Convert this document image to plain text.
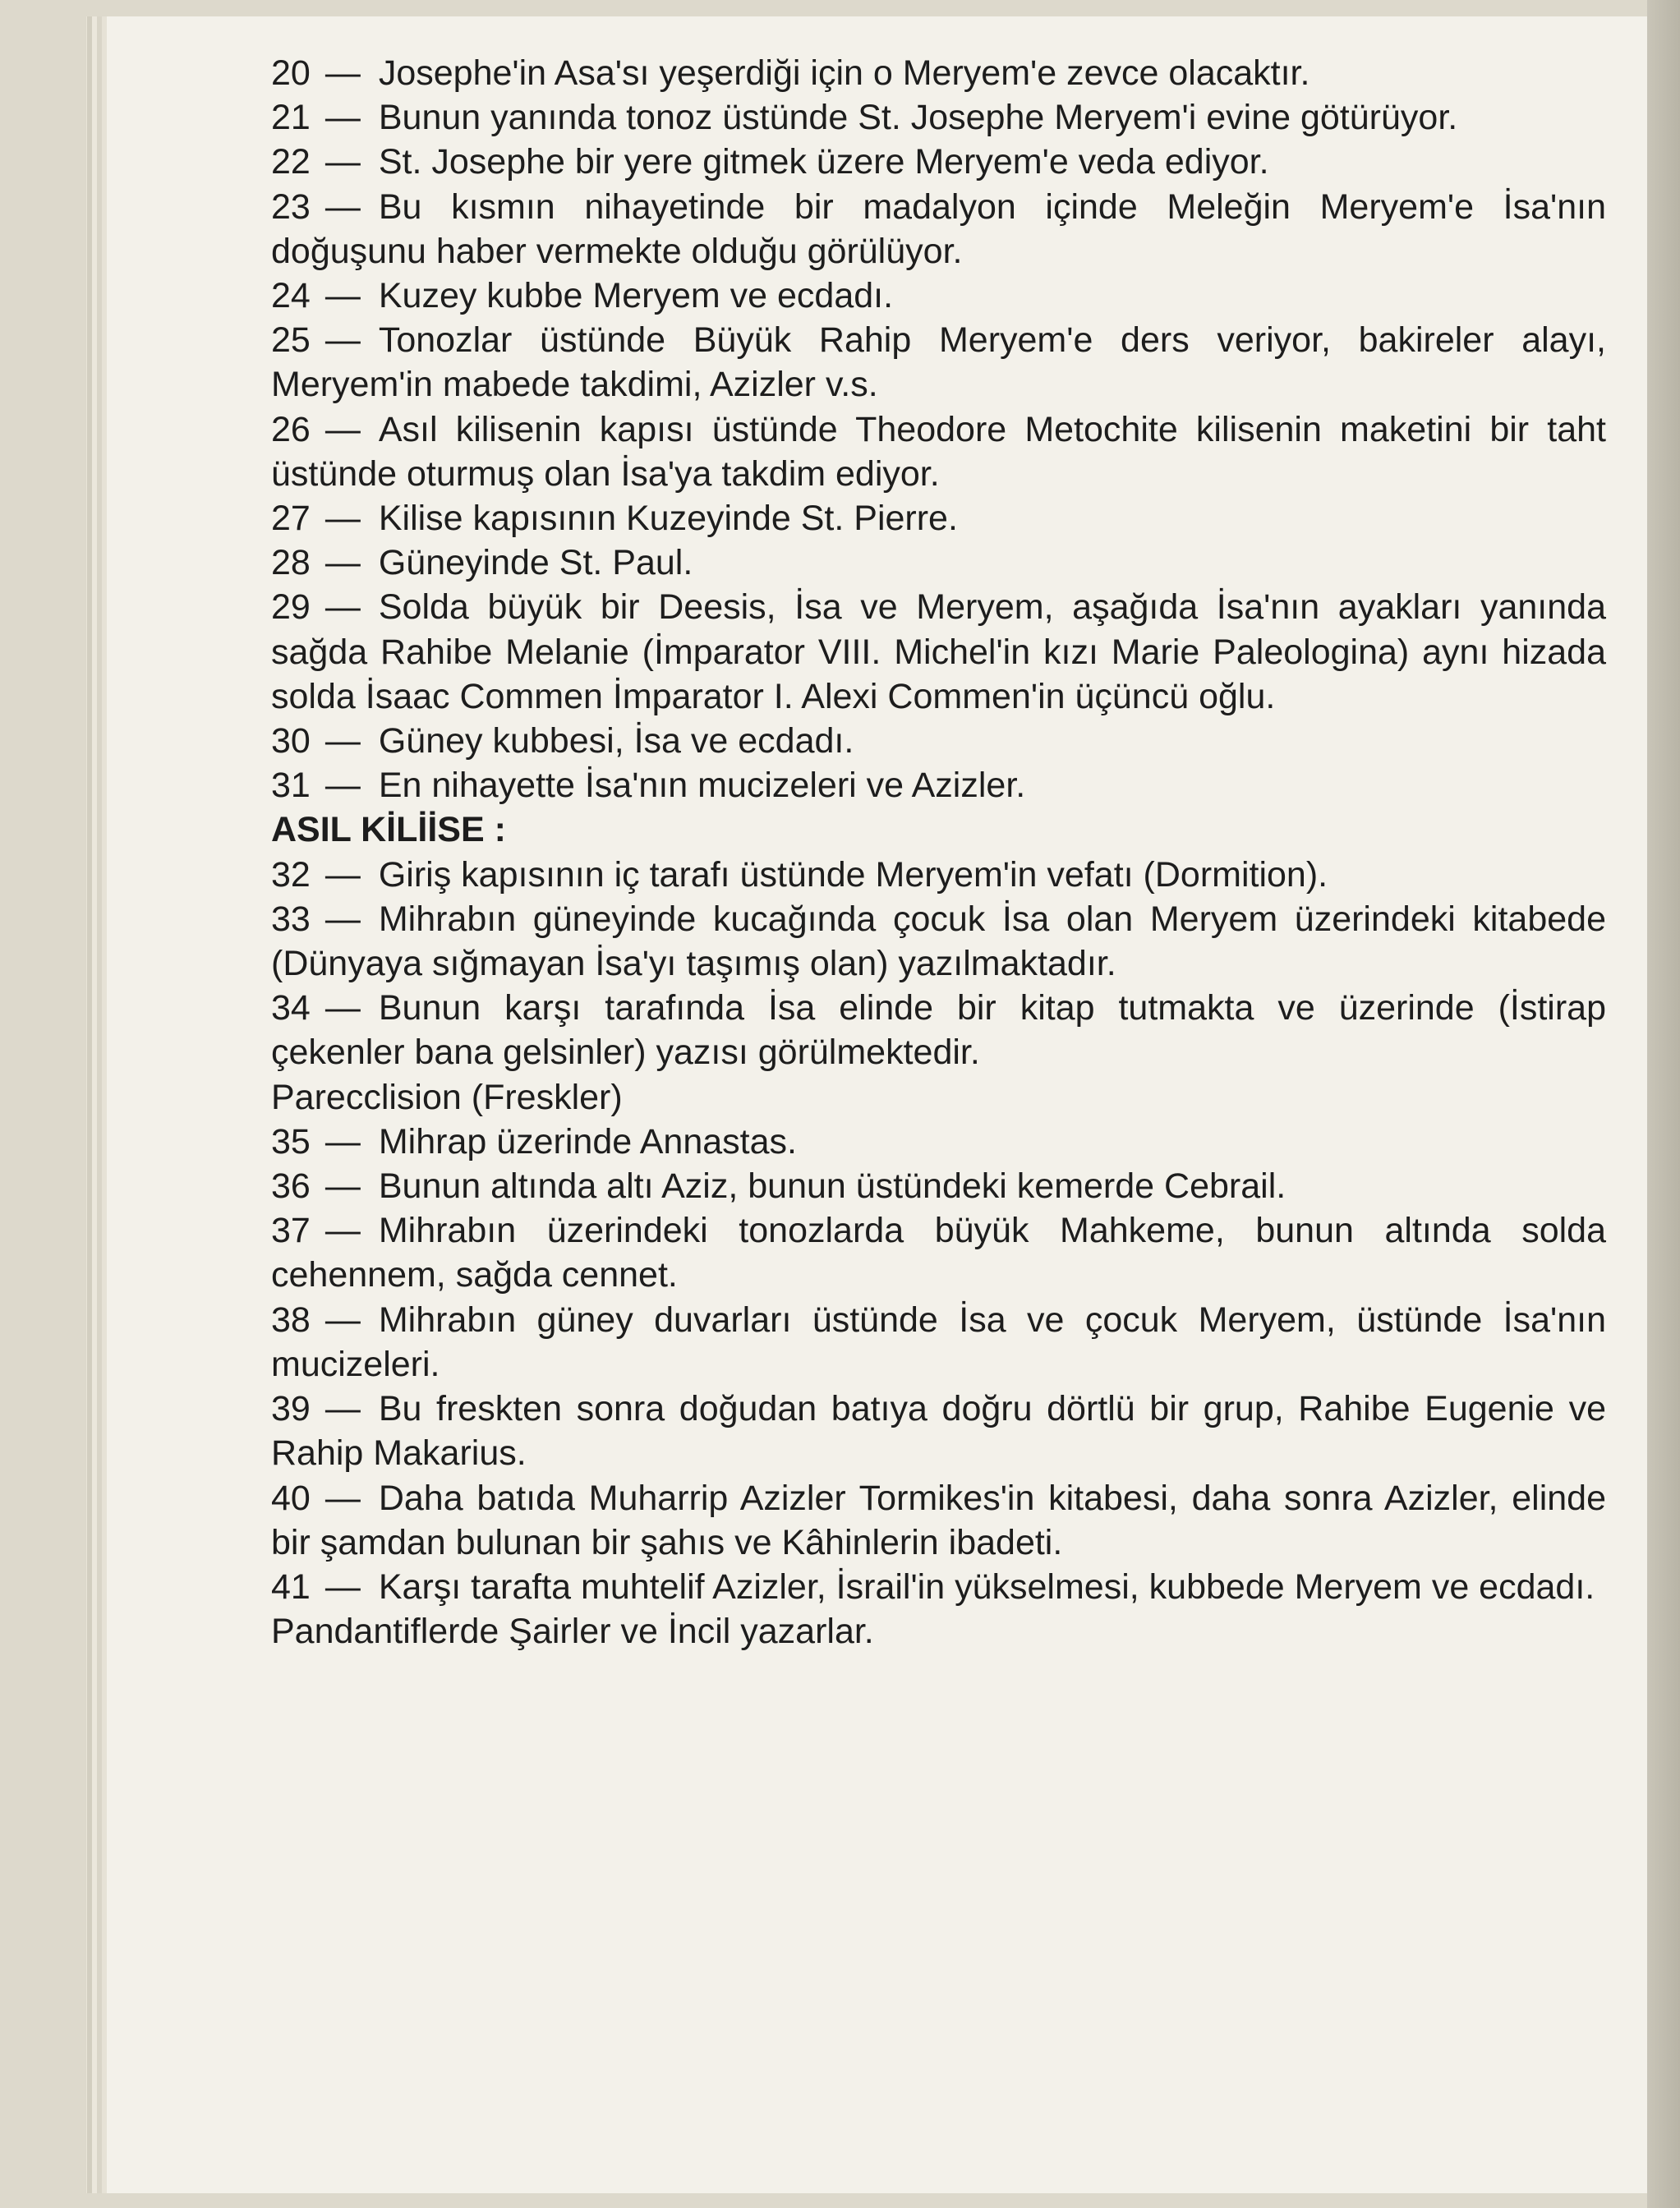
20 — Josephe'in Asa'sı yeşerdiği için o Meryem'e zevce olacaktır.

21 — Bunun yanında tonoz üstünde St. Josephe Meryem'i evine götürüyor.

22 — St. Josephe bir yere gitmek üzere Meryem'e veda ediyor.

23 — Bu kısmın nihayetinde bir madalyon içinde Meleğin Meryem'e İsa'nın doğuşunu haber vermekte olduğu görülüyor.

24 — Kuzey kubbe Meryem ve ecdadı.

25 — Tonozlar üstünde Büyük Rahip Meryem'e ders veriyor, bakireler alayı, Meryem'in mabede takdimi, Azizler v.s.

26 — Asıl kilisenin kapısı üstünde Theodore Metochite kilisenin maketini bir taht üstünde oturmuş olan İsa'ya takdim ediyor.

27 — Kilise kapısının Kuzeyinde St. Pierre.

28 — Güneyinde St. Paul.

29 — Solda büyük bir Deesis, İsa ve Meryem, aşağıda İsa'nın ayakları yanında sağda Rahibe Melanie (İmparator VIII. Michel'in kızı Marie Paleologina) aynı hizada solda İsaac Commen İmparator I. Alexi Commen'in üçüncü oğlu.

30 — Güney kubbesi, İsa ve ecdadı.

31 — En nihayette İsa'nın mucizeleri ve Azizler.

ASIL KİLİİSE :

32 — Giriş kapısının iç tarafı üstünde Meryem'in vefatı (Dormition).

33 — Mihrabın güneyinde kucağında çocuk İsa olan Meryem üzerindeki kitabede (Dünyaya sığmayan İsa'yı taşımış olan) yazılmaktadır.

34 — Bunun karşı tarafında İsa elinde bir kitap tutmakta ve üzerinde (İstirap çekenler bana gelsinler) yazısı görülmektedir.

Parecclision (Freskler)

35 — Mihrap üzerinde Annastas.

36 — Bunun altında altı Aziz, bunun üstündeki kemerde Cebrail.

37 — Mihrabın üzerindeki tonozlarda büyük Mahkeme, bunun altında solda cehennem, sağda cennet.

38 — Mihrabın güney duvarları üstünde İsa ve çocuk Meryem, üstünde İsa'nın mucizeleri.

39 — Bu freskten sonra doğudan batıya doğru dörtlü bir grup, Rahibe Eugenie ve Rahip Makarius.

40 — Daha batıda Muharrip Azizler Tormikes'in kitabesi, daha sonra Azizler, elinde bir şamdan bulunan bir şahıs ve Kâhinlerin ibadeti.

41 — Karşı tarafta muhtelif Azizler, İsrail'in yükselmesi, kubbede Meryem ve ecdadı.

Pandantiflerde Şairler ve İncil yazarlar.
